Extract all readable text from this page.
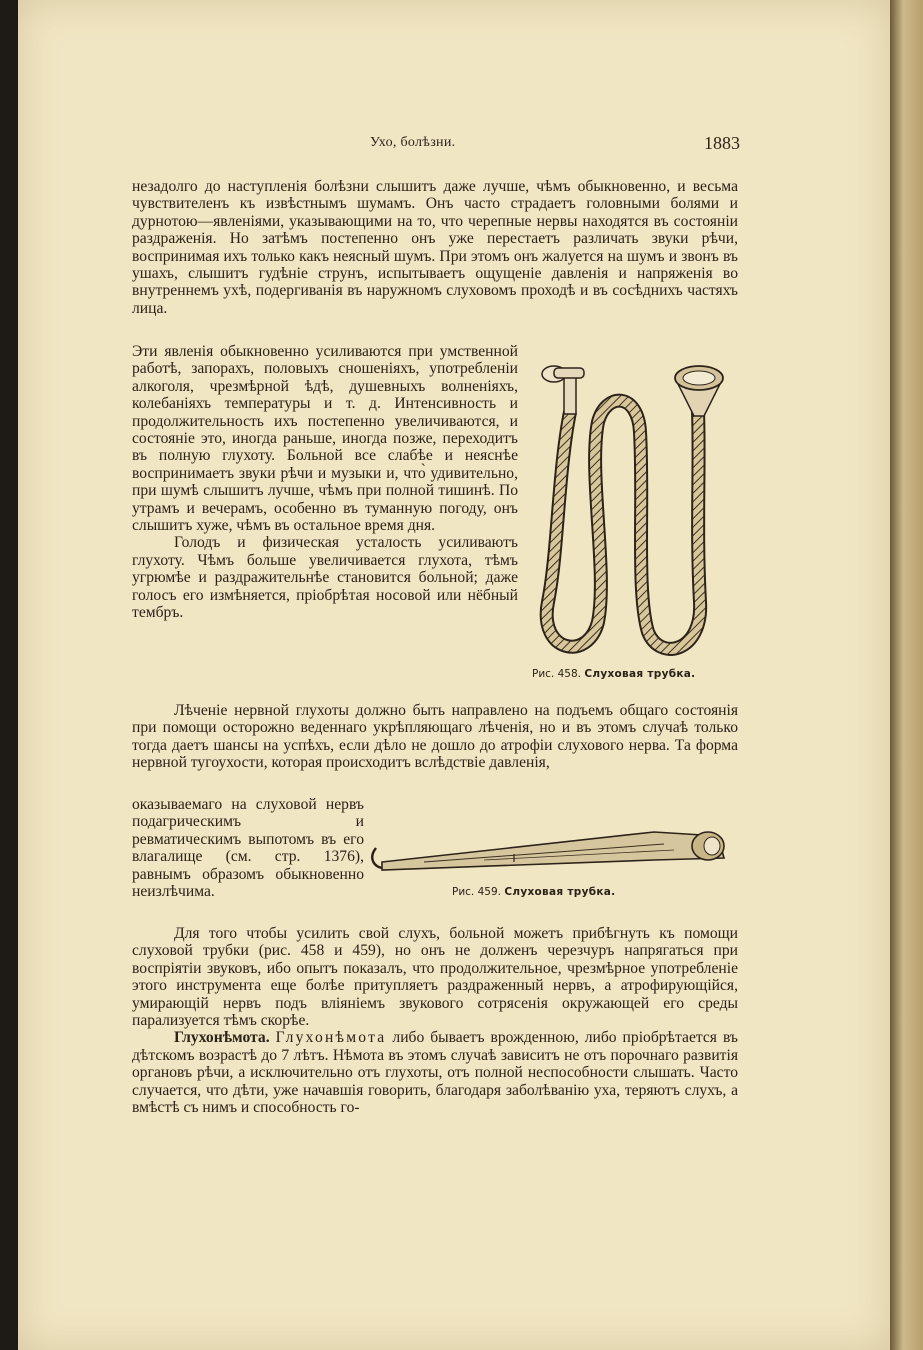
Ухо, болѣзни.	1883

незадолго до наступленія болѣзни слышитъ даже лучше, чѣмъ обыкновенно, и весьма чувствителенъ къ извѣстнымъ шумамъ. Онъ часто страдаетъ головными болями и дурнотою—явленіями, указывающими на то, что черепные нервы находятся въ состояніи раздраженія. Но затѣмъ постепенно онъ уже перестаетъ различать звуки рѣчи, воспринимая ихъ только какъ неясный шумъ. При этомъ онъ жалуется на шумъ и звонъ въ ушахъ, слышитъ гудѣніе струнъ, испытываетъ ощущеніе давленія и напряженія во внутреннемъ ухѣ, подергиванія въ наружномъ слуховомъ проходѣ и въ сосѣднихъ частяхъ лица.

Эти явленія обыкновенно усиливаются при умственной работѣ, запорахъ, половыхъ сношеніяхъ, употребленіи алкоголя, чрезмѣрной ѣдѣ, душевныхъ волненіяхъ, колебаніяхъ температуры и т. д. Интенсивность и продолжительность ихъ постепенно увеличиваются, и состояніе это, иногда раньше, иногда позже, переходитъ въ полную глухоту. Больной все слабѣе и неяснѣе воспринимаетъ звуки рѣчи и музыки и, что̀ удивительно, при шумѣ слышитъ лучше, чѣмъ при полной тишинѣ. По утрамъ и вечерамъ, особенно въ туманную погоду, онъ слышитъ хуже, чѣмъ въ остальное время дня.

Голодъ и физическая усталость усиливаютъ глухоту. Чѣмъ больше увеличивается глухота, тѣмъ угрюмѣе и раздражительнѣе становится больной; даже голосъ его измѣняется, пріобрѣтая носовой или нёбный тембръ.

Рис. 458. Слуховая трубка.

Лѣченіе нервной глухоты должно быть направлено на подъемъ общаго состоянія при помощи осторожно веденнаго укрѣпляющаго лѣченія, но и въ этомъ случаѣ только тогда даетъ шансы на успѣхъ, если дѣло не дошло до атрофіи слухового нерва. Та форма нервной тугоухости, которая происходитъ вслѣдствіе давленія,

оказываемаго на слуховой нервъ подагрическимъ и ревматическимъ выпотомъ въ его влагалище (см. стр. 1376), равнымъ образомъ обыкновенно неизлѣчима.	Рис. 459. Слуховая трубка.

Для того чтобы усилить свой слухъ, больной можетъ прибѣгнуть къ помощи слуховой трубки (рис. 458 и 459), но онъ не долженъ черезчуръ напрягаться при воспріятіи звуковъ, ибо опытъ показалъ, что продолжительное, чрезмѣрное употребленіе этого инструмента еще болѣе притупляетъ раздраженный нервъ, а атрофирующійся, умирающій нервъ подъ вліяніемъ звукового сотрясенія окружающей его среды парализуется тѣмъ скорѣе.

Глухонѣмота. Глухонѣмота либо бываетъ врожденною, либо пріобрѣтается въ дѣтскомъ возрастѣ до 7 лѣтъ. Нѣмота въ этомъ случаѣ зависитъ не отъ порочнаго развитія органовъ рѣчи, а исключительно отъ глухоты, отъ полной неспособности слышать. Часто случается, что дѣти, уже начавшія говорить, благодаря заболѣванію уха, теряютъ слухъ, а вмѣстѣ съ нимъ и способность го-
